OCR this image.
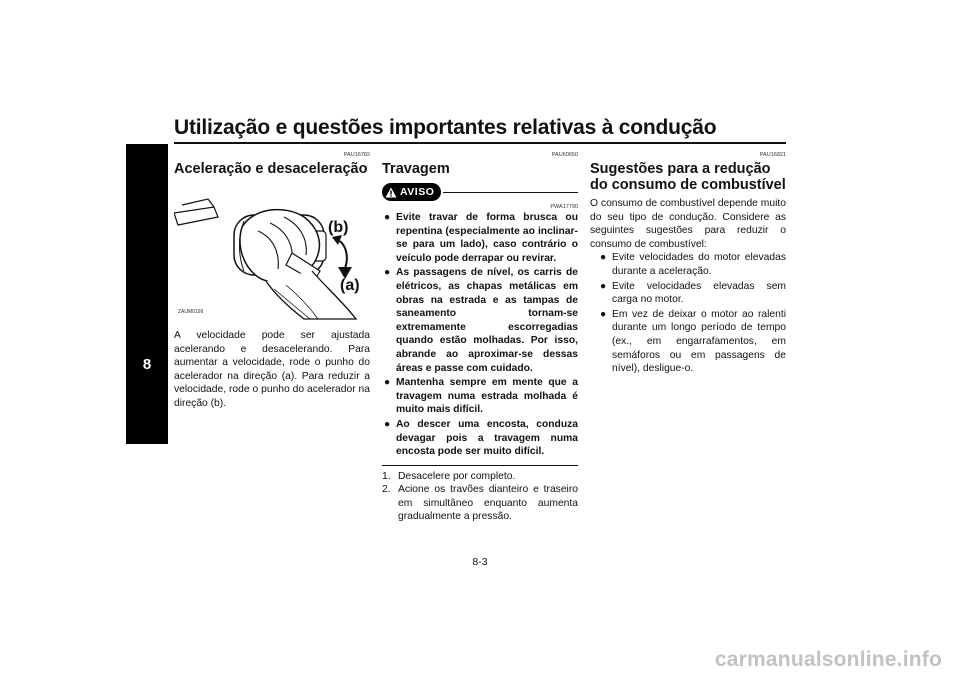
Utilização e questões importantes relativas à condução
8
PAU16782
Aceleração e desaceleração
(b)
(a)
ZAUM0199

A velocidade pode ser ajustada acelerando e desacelerando. Para aumentar a velocidade, rode o punho do acelerador na direção (a). Para reduzir a velocidade, rode o punho do acelerador na direção (b).

PAU60650
Travagem
AVISO
PWA17790
● Evite travar de forma brusca ou repentina (especialmente ao inclinar-se para um lado), caso contrário o veículo pode derrapar ou revirar.
● As passagens de nível, os carris de elétricos, as chapas metálicas em obras na estrada e as tampas de saneamento tornam-se extremamente escorregadias quando estão molhadas. Por isso, abrande ao aproximar-se dessas áreas e passe com cuidado.
● Mantenha sempre em mente que a travagem numa estrada molhada é muito mais difícil.
● Ao descer uma encosta, conduza devagar pois a travagem numa encosta pode ser muito difícil.
1. Desacelere por completo.
2. Acione os travões dianteiro e traseiro em simultâneo enquanto aumenta gradualmente a pressão.
PAU16821
Sugestões para a redução do consumo de combustível

O consumo de combustível depende muito do seu tipo de condução. Considere as seguintes sugestões para reduzir o consumo de combustível:

● Evite velocidades do motor elevadas durante a aceleração.
● Evite velocidades elevadas sem carga no motor.
● Em vez de deixar o motor ao ralenti durante um longo período de tempo (ex., em engarrafamentos, em semáforos ou em passagens de nível), desligue-o.
8-3
carmanualsonline.info
